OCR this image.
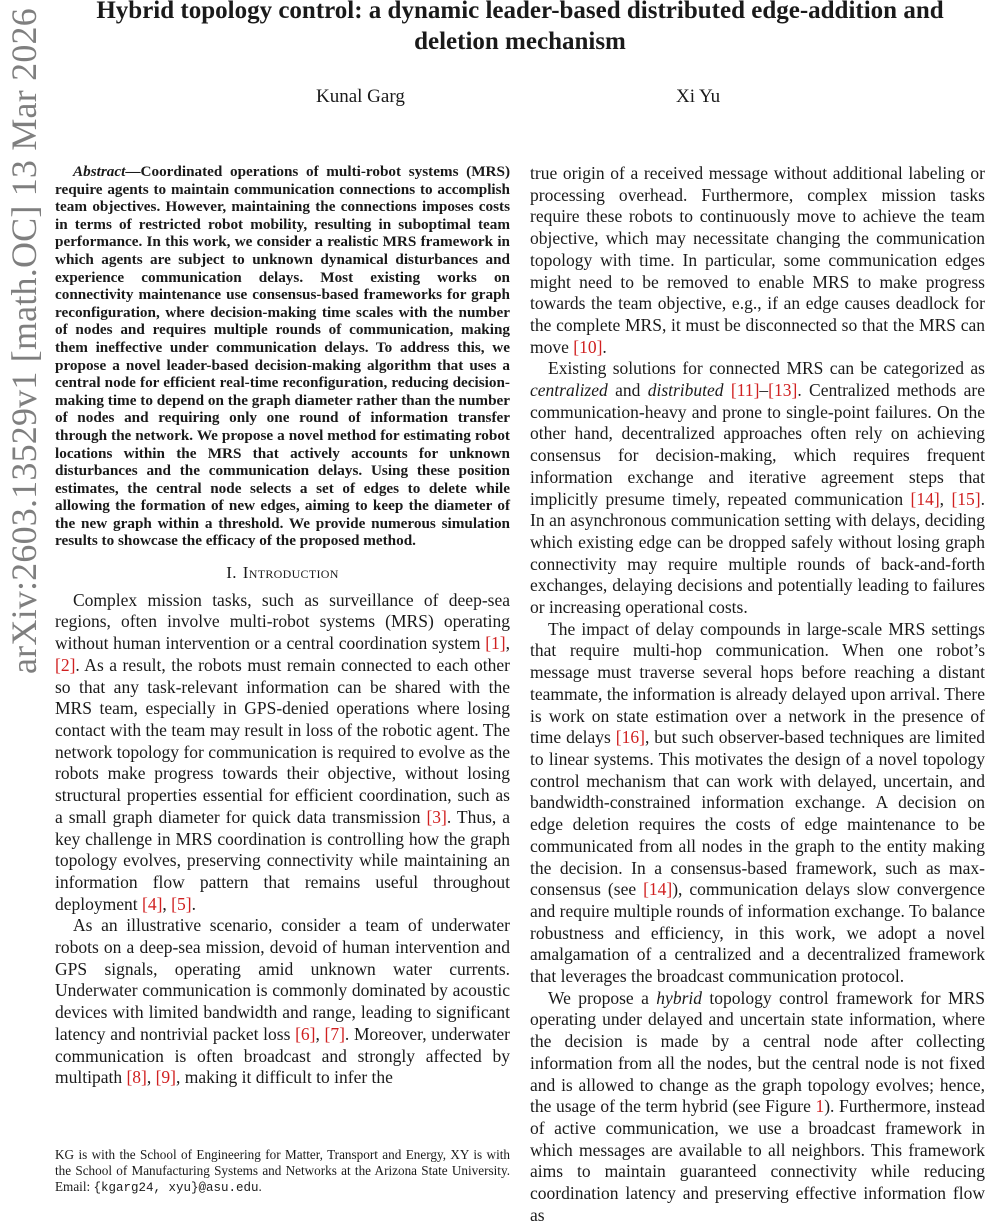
arXiv:2603.13529v1 [math.OC] 13 Mar 2026	Hybrid topology control: a dynamic leader-based distributed edge-addition and deletion mechanism
Kunal Garg	Xi Yu

Abstract—Coordinated operations of multi-robot systems (MRS) require agents to maintain communication connections to accomplish team objectives. However, maintaining the connections imposes costs in terms of restricted robot mobility, resulting in suboptimal team performance. In this work, we consider a realistic MRS framework in which agents are subject to unknown dynamical disturbances and experience communication delays. Most existing works on connectivity maintenance use consensus-based frameworks for graph reconfiguration, where decision-making time scales with the number of nodes and requires multiple rounds of communication, making them ineffective under communication delays. To address this, we propose a novel leader-based decision-making algorithm that uses a central node for efficient real-time reconfiguration, reducing decision-making time to depend on the graph diameter rather than the number of nodes and requiring only one round of information transfer through the network. We propose a novel method for estimating robot locations within the MRS that actively accounts for unknown disturbances and the communication delays. Using these position estimates, the central node selects a set of edges to delete while allowing the formation of new edges, aiming to keep the diameter of the new graph within a threshold. We provide numerous simulation results to showcase the efficacy of the proposed method.

I. Introduction

Complex mission tasks, such as surveillance of deep-sea regions, often involve multi-robot systems (MRS) operating without human intervention or a central coordination system [1], [2]. As a result, the robots must remain connected to each other so that any task-relevant information can be shared with the MRS team, especially in GPS-denied operations where losing contact with the team may result in loss of the robotic agent. The network topology for communication is required to evolve as the robots make progress towards their objective, without losing structural properties essential for efficient coordination, such as a small graph diameter for quick data transmission [3]. Thus, a key challenge in MRS coordination is controlling how the graph topology evolves, preserving connectivity while maintaining an information flow pattern that remains useful throughout deployment [4], [5].

As an illustrative scenario, consider a team of underwater robots on a deep-sea mission, devoid of human intervention and GPS signals, operating amid unknown water currents. Underwater communication is commonly dominated by acoustic devices with limited bandwidth and range, leading to significant latency and nontrivial packet loss [6], [7]. Moreover, underwater communication is often broadcast and strongly affected by multipath [8], [9], making it difficult to infer the

KG is with the School of Engineering for Matter, Transport and Energy, XY is with the School of Manufacturing Systems and Networks at the Arizona State University. Email: {kgarg24, xyu}@asu.edu.

true origin of a received message without additional labeling or processing overhead. Furthermore, complex mission tasks require these robots to continuously move to achieve the team objective, which may necessitate changing the communication topology with time. In particular, some communication edges might need to be removed to enable MRS to make progress towards the team objective, e.g., if an edge causes deadlock for the complete MRS, it must be disconnected so that the MRS can move [10].

Existing solutions for connected MRS can be categorized as centralized and distributed [11]–[13]. Centralized methods are communication-heavy and prone to single-point failures. On the other hand, decentralized approaches often rely on achieving consensus for decision-making, which requires frequent information exchange and iterative agreement steps that implicitly presume timely, repeated communication [14], [15]. In an asynchronous communication setting with delays, deciding which existing edge can be dropped safely without losing graph connectivity may require multiple rounds of back-and-forth exchanges, delaying decisions and potentially leading to failures or increasing operational costs.

The impact of delay compounds in large-scale MRS settings that require multi-hop communication. When one robot’s message must traverse several hops before reaching a distant teammate, the information is already delayed upon arrival. There is work on state estimation over a network in the presence of time delays [16], but such observer-based techniques are limited to linear systems. This motivates the design of a novel topology control mechanism that can work with delayed, uncertain, and bandwidth-constrained information exchange. A decision on edge deletion requires the costs of edge maintenance to be communicated from all nodes in the graph to the entity making the decision. In a consensus-based framework, such as max-consensus (see [14]), communication delays slow convergence and require multiple rounds of information exchange. To balance robustness and efficiency, in this work, we adopt a novel amalgamation of a centralized and a decentralized framework that leverages the broadcast communication protocol.

We propose a hybrid topology control framework for MRS operating under delayed and uncertain state information, where the decision is made by a central node after collecting information from all the nodes, but the central node is not fixed and is allowed to change as the graph topology evolves; hence, the usage of the term hybrid (see Figure 1). Furthermore, instead of active communication, we use a broadcast framework in which messages are available to all neighbors. This framework aims to maintain guaranteed connectivity while reducing coordination latency and preserving effective information flow as
